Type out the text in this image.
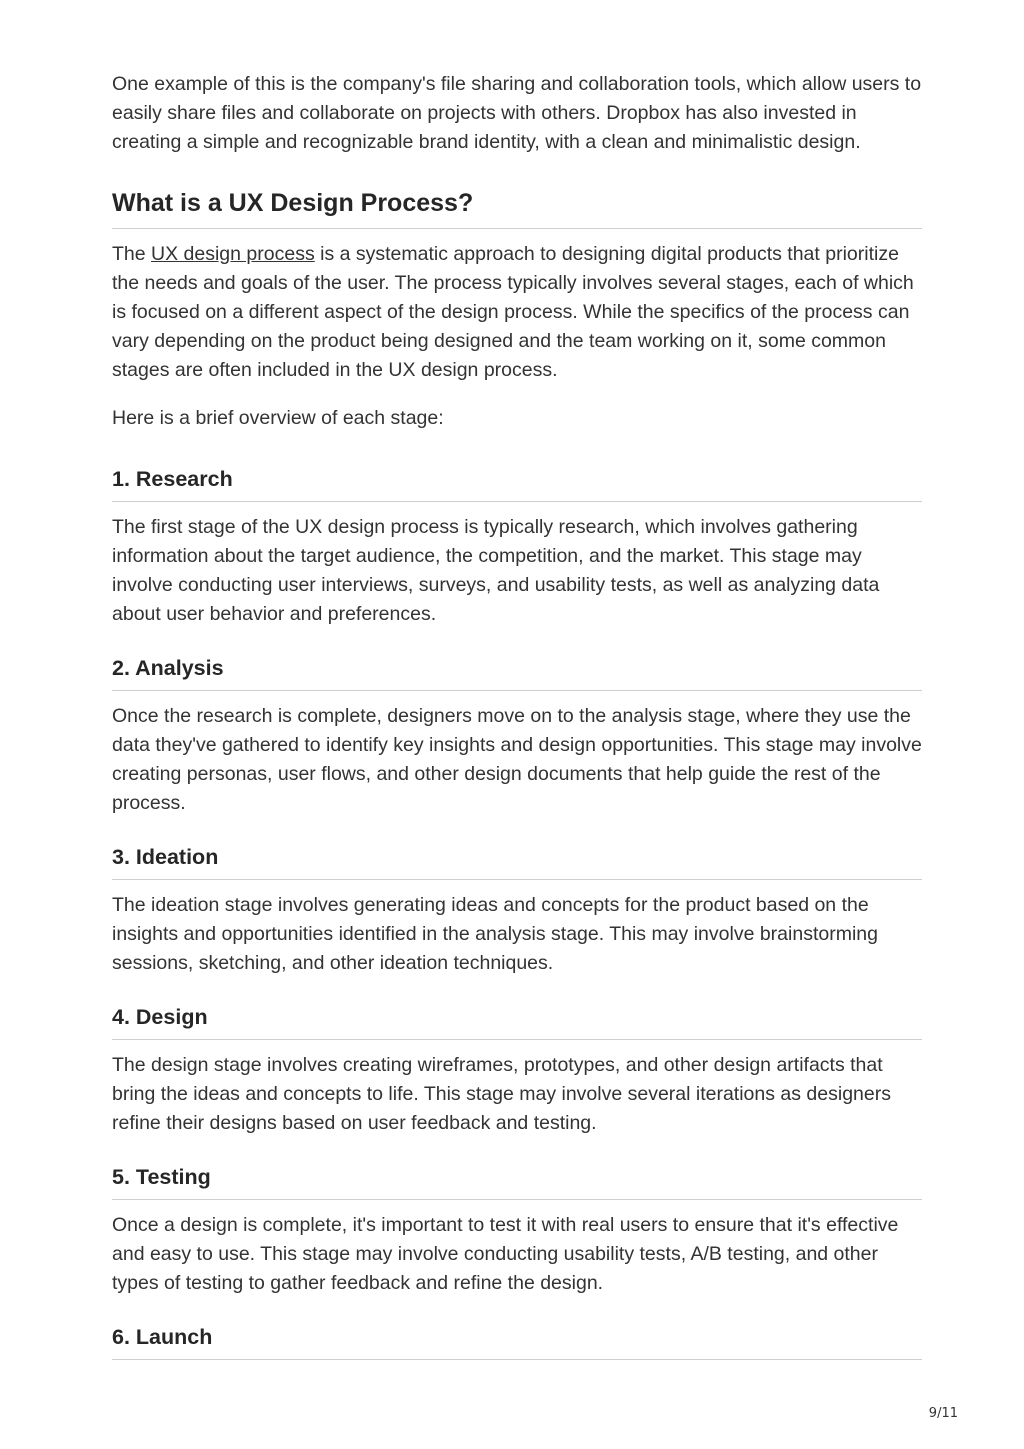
One example of this is the company's file sharing and collaboration tools, which allow users to easily share files and collaborate on projects with others. Dropbox has also invested in creating a simple and recognizable brand identity, with a clean and minimalistic design.

What is a UX Design Process?

The UX design process is a systematic approach to designing digital products that prioritize the needs and goals of the user. The process typically involves several stages, each of which is focused on a different aspect of the design process. While the specifics of the process can vary depending on the product being designed and the team working on it, some common stages are often included in the UX design process.

Here is a brief overview of each stage:

1. Research

The first stage of the UX design process is typically research, which involves gathering information about the target audience, the competition, and the market. This stage may involve conducting user interviews, surveys, and usability tests, as well as analyzing data about user behavior and preferences.

2. Analysis

Once the research is complete, designers move on to the analysis stage, where they use the data they've gathered to identify key insights and design opportunities. This stage may involve creating personas, user flows, and other design documents that help guide the rest of the process.

3. Ideation

The ideation stage involves generating ideas and concepts for the product based on the insights and opportunities identified in the analysis stage. This may involve brainstorming sessions, sketching, and other ideation techniques.

4. Design

The design stage involves creating wireframes, prototypes, and other design artifacts that bring the ideas and concepts to life. This stage may involve several iterations as designers refine their designs based on user feedback and testing.

5. Testing

Once a design is complete, it's important to test it with real users to ensure that it's effective and easy to use. This stage may involve conducting usability tests, A/B testing, and other types of testing to gather feedback and refine the design.

6. Launch
9/11
